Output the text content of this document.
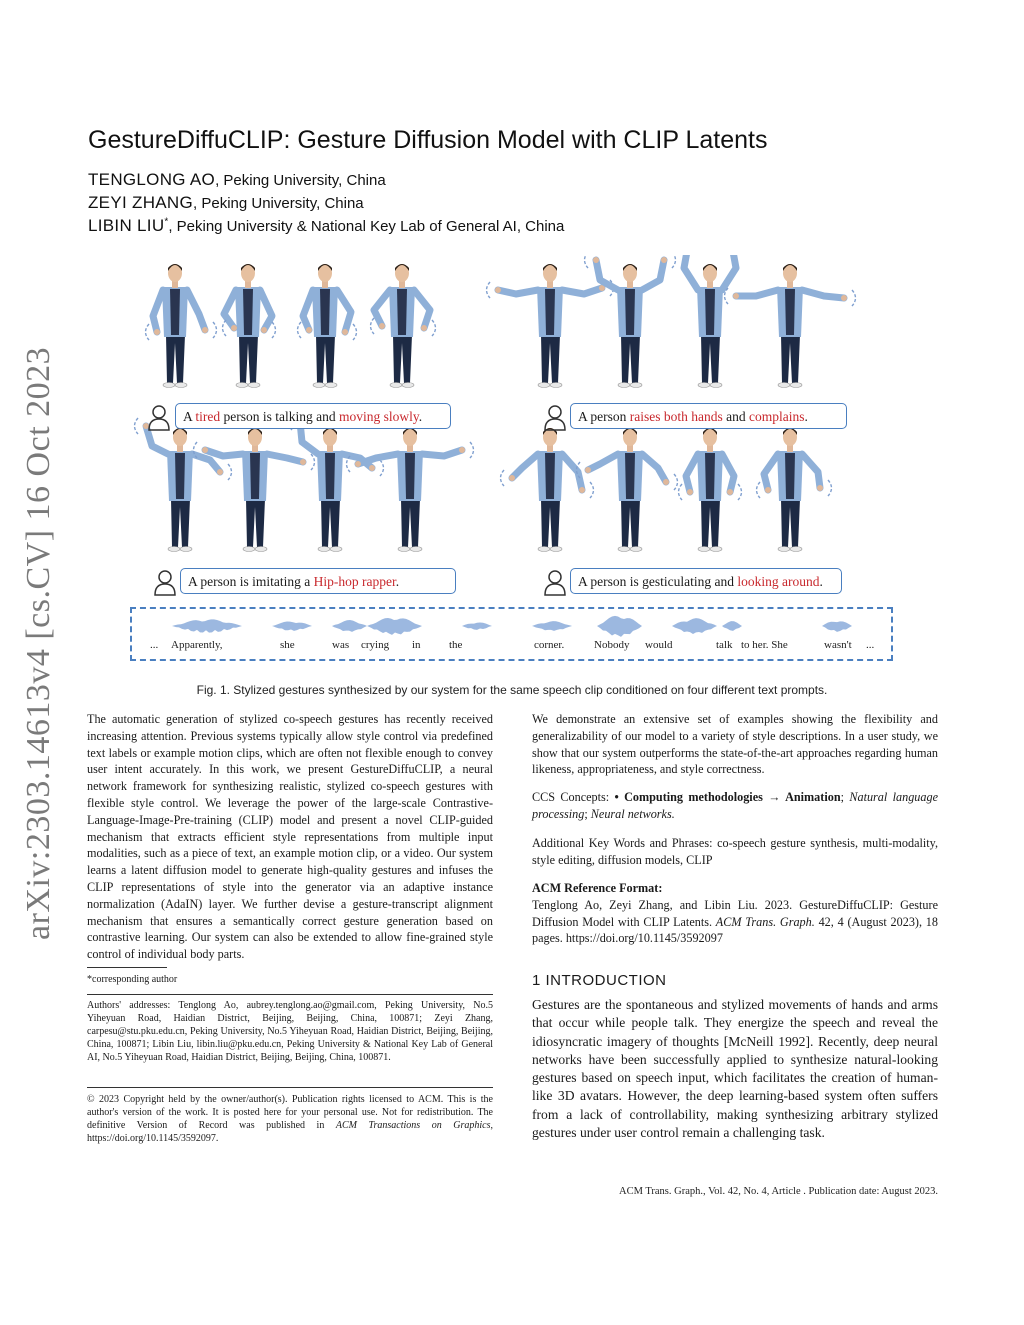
arXiv:2303.14613v4 [cs.CV] 16 Oct 2023
GestureDiffuCLIP: Gesture Diffusion Model with CLIP Latents
TENGLONG AO, Peking University, China
ZEYI ZHANG, Peking University, China
LIBIN LIU*, Peking University & National Key Lab of General AI, China
A tired person is talking and moving slowly.	A person raises both hands and complains.
A person is imitating a Hip-hop rapper.	A person is gesticulating and looking around.
... Apparently,	she	was crying in	the	corner.	Nobody would	talk to her. She	wasn't ...
Fig. 1. Stylized gestures synthesized by our system for the same speech clip conditioned on four different text prompts.

The automatic generation of stylized co-speech gestures has recently received increasing attention. Previous systems typically allow style control via predefined text labels or example motion clips, which are often not flexible enough to convey user intent accurately. In this work, we present GestureDiffuCLIP, a neural network framework for synthesizing realistic, stylized co-speech gestures with flexible style control. We leverage the power of the large-scale Contrastive-Language-Image-Pre-training (CLIP) model and present a novel CLIP-guided mechanism that extracts efficient style representations from multiple input modalities, such as a piece of text, an example motion clip, or a video. Our system learns a latent diffusion model to generate high-quality gestures and infuses the CLIP representations of style into the generator via an adaptive instance normalization (AdaIN) layer. We further devise a gesture-transcript alignment mechanism that ensures a semantically correct gesture generation based on contrastive learning. Our system can also be extended to allow fine-grained style control of individual body parts.

*corresponding author
Authors' addresses: Tenglong Ao, aubrey.tenglong.ao@gmail.com, Peking University, No.5 Yiheyuan Road, Haidian District, Beijing, Beijing, China, 100871; Zeyi Zhang, carpesu@stu.pku.edu.cn, Peking University, No.5 Yiheyuan Road, Haidian District, Beijing, Beijing, China, 100871; Libin Liu, libin.liu@pku.edu.cn, Peking University & National Key Lab of General AI, No.5 Yiheyuan Road, Haidian District, Beijing, Beijing, China, 100871.
© 2023 Copyright held by the owner/author(s). Publication rights licensed to ACM. This is the author's version of the work. It is posted here for your personal use. Not for redistribution. The definitive Version of Record was published in ACM Transactions on Graphics, https://doi.org/10.1145/3592097.
We demonstrate an extensive set of examples showing the flexibility and generalizability of our model to a variety of style descriptions. In a user study, we show that our system outperforms the state-of-the-art approaches regarding human likeness, appropriateness, and style correctness.
CCS Concepts: • Computing methodologies → Animation; Natural language processing; Neural networks.
Additional Key Words and Phrases: co-speech gesture synthesis, multi-modality, style editing, diffusion models, CLIP
ACM Reference Format:
Tenglong Ao, Zeyi Zhang, and Libin Liu. 2023. GestureDiffuCLIP: Gesture Diffusion Model with CLIP Latents. ACM Trans. Graph. 42, 4 (August 2023), 18 pages. https://doi.org/10.1145/3592097
1 INTRODUCTION
Gestures are the spontaneous and stylized movements of hands and arms that occur while people talk. They energize the speech and reveal the idiosyncratic imagery of thoughts [McNeill 1992]. Recently, deep neural networks have been successfully applied to synthesize natural-looking gestures based on speech input, which facilitates the creation of human-like 3D avatars. However, the deep learning-based system often suffers from a lack of controllability, making synthesizing arbitrary stylized gestures under user control remain a challenging task.
ACM Trans. Graph., Vol. 42, No. 4, Article . Publication date: August 2023.
